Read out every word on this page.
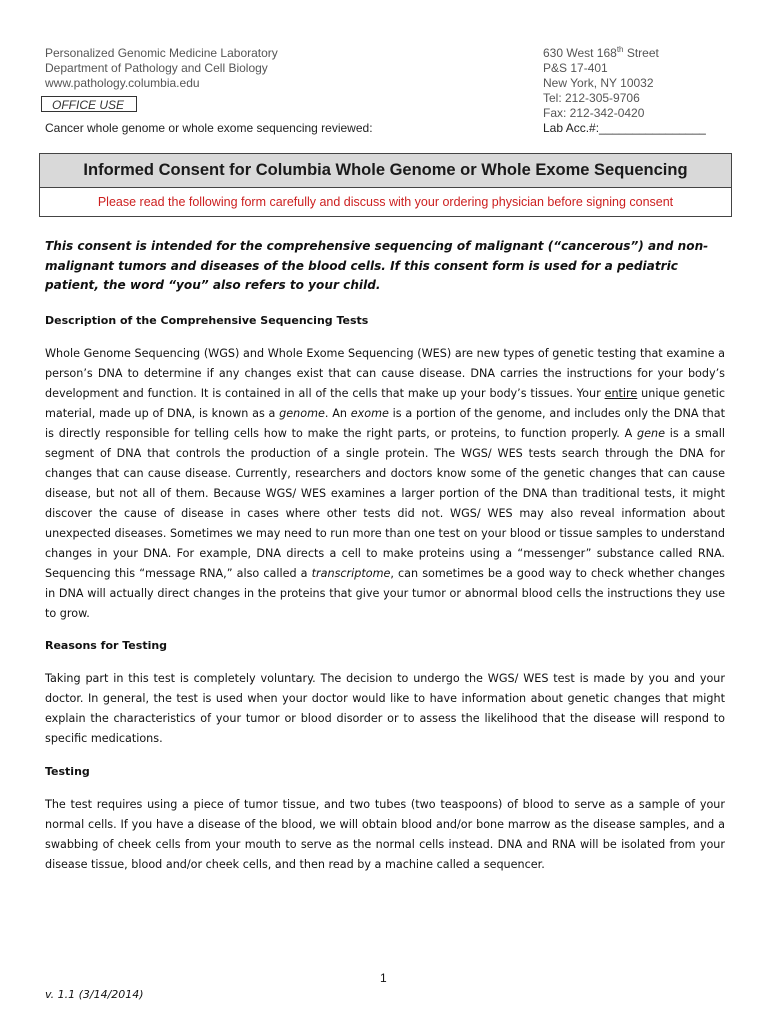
Personalized Genomic Medicine Laboratory
Department of Pathology and Cell Biology
www.pathology.columbia.edu
630 West 168th Street
P&S 17-401
New York, NY 10032
Tel: 212-305-9706
Fax: 212-342-0420
Lab Acc.#:________________
OFFICE USE
Cancer whole genome or whole exome sequencing reviewed:
Informed Consent for Columbia Whole Genome or Whole Exome Sequencing
Please read the following form carefully and discuss with your ordering physician before signing consent
This consent is intended for the comprehensive sequencing of malignant (“cancerous”) and non-malignant tumors and diseases of the blood cells. If this consent form is used for a pediatric patient, the word “you” also refers to your child.
Description of the Comprehensive Sequencing Tests
Whole Genome Sequencing (WGS) and Whole Exome Sequencing (WES) are new types of genetic testing that examine a person’s DNA to determine if any changes exist that can cause disease. DNA carries the instructions for your body’s development and function. It is contained in all of the cells that make up your body’s tissues. Your entire unique genetic material, made up of DNA, is known as a genome. An exome is a portion of the genome, and includes only the DNA that is directly responsible for telling cells how to make the right parts, or proteins, to function properly. A gene is a small segment of DNA that controls the production of a single protein. The WGS/ WES tests search through the DNA for changes that can cause disease. Currently, researchers and doctors know some of the genetic changes that can cause disease, but not all of them. Because WGS/ WES examines a larger portion of the DNA than traditional tests, it might discover the cause of disease in cases where other tests did not. WGS/ WES may also reveal information about unexpected diseases. Sometimes we may need to run more than one test on your blood or tissue samples to understand changes in your DNA. For example, DNA directs a cell to make proteins using a “messenger” substance called RNA. Sequencing this “message RNA,” also called a transcriptome, can sometimes be a good way to check whether changes in DNA will actually direct changes in the proteins that give your tumor or abnormal blood cells the instructions they use to grow.
Reasons for Testing
Taking part in this test is completely voluntary. The decision to undergo the WGS/ WES test is made by you and your doctor. In general, the test is used when your doctor would like to have information about genetic changes that might explain the characteristics of your tumor or blood disorder or to assess the likelihood that the disease will respond to specific medications.
Testing
The test requires using a piece of tumor tissue, and two tubes (two teaspoons) of blood to serve as a sample of your normal cells. If you have a disease of the blood, we will obtain blood and/or bone marrow as the disease samples, and a swabbing of cheek cells from your mouth to serve as the normal cells instead. DNA and RNA will be isolated from your disease tissue, blood and/or cheek cells, and then read by a machine called a sequencer.
1
v. 1.1 (3/14/2014)
